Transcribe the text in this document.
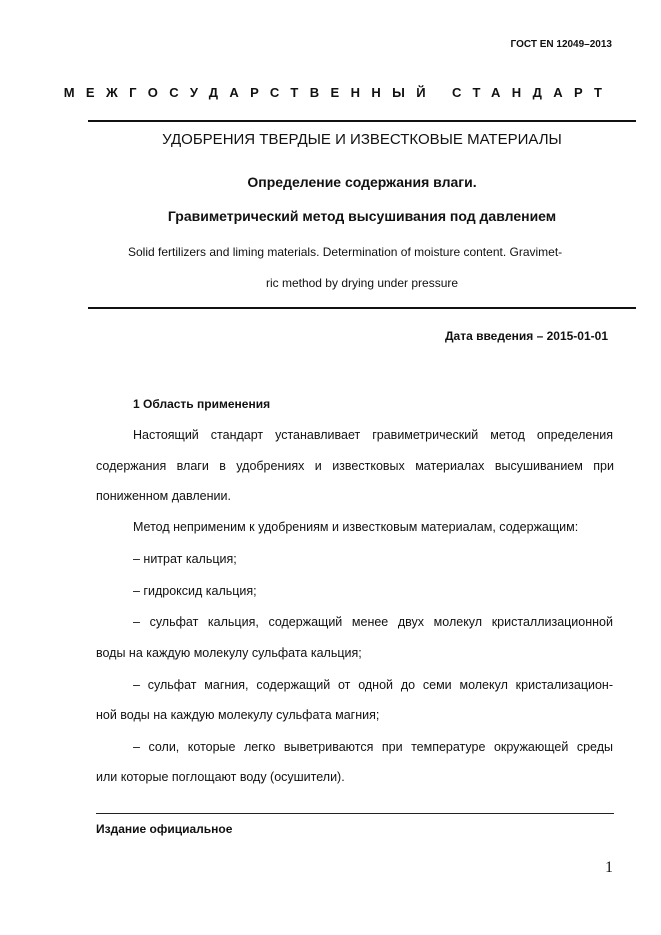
ГОСТ EN 12049–2013
МЕЖГОСУДАРСТВЕННЫЙ СТАНДАРТ
УДОБРЕНИЯ ТВЕРДЫЕ И ИЗВЕСТКОВЫЕ МАТЕРИАЛЫ
Определение содержания влаги.
Гравиметрический метод высушивания под давлением
Solid fertilizers and liming materials. Determination of moisture content. Gravimet-
ric method by drying under pressure
Дата введения – 2015-01-01
1 Область применения
Настоящий стандарт устанавливает гравиметрический метод определения
содержания влаги в удобрениях и известковых материалах высушиванием при
пониженном давлении.
Метод неприменим к удобрениям и известковым материалам, содержащим:
– нитрат кальция;
– гидроксид кальция;
– сульфат кальция, содержащий менее двух молекул кристаллизационной
воды на каждую молекулу сульфата кальция;
– сульфат магния, содержащий от одной до семи молекул кристализацион-
ной воды на каждую молекулу сульфата магния;
– соли, которые легко выветриваются при температуре окружающей среды
или которые поглощают воду (осушители).
Издание официальное
1
